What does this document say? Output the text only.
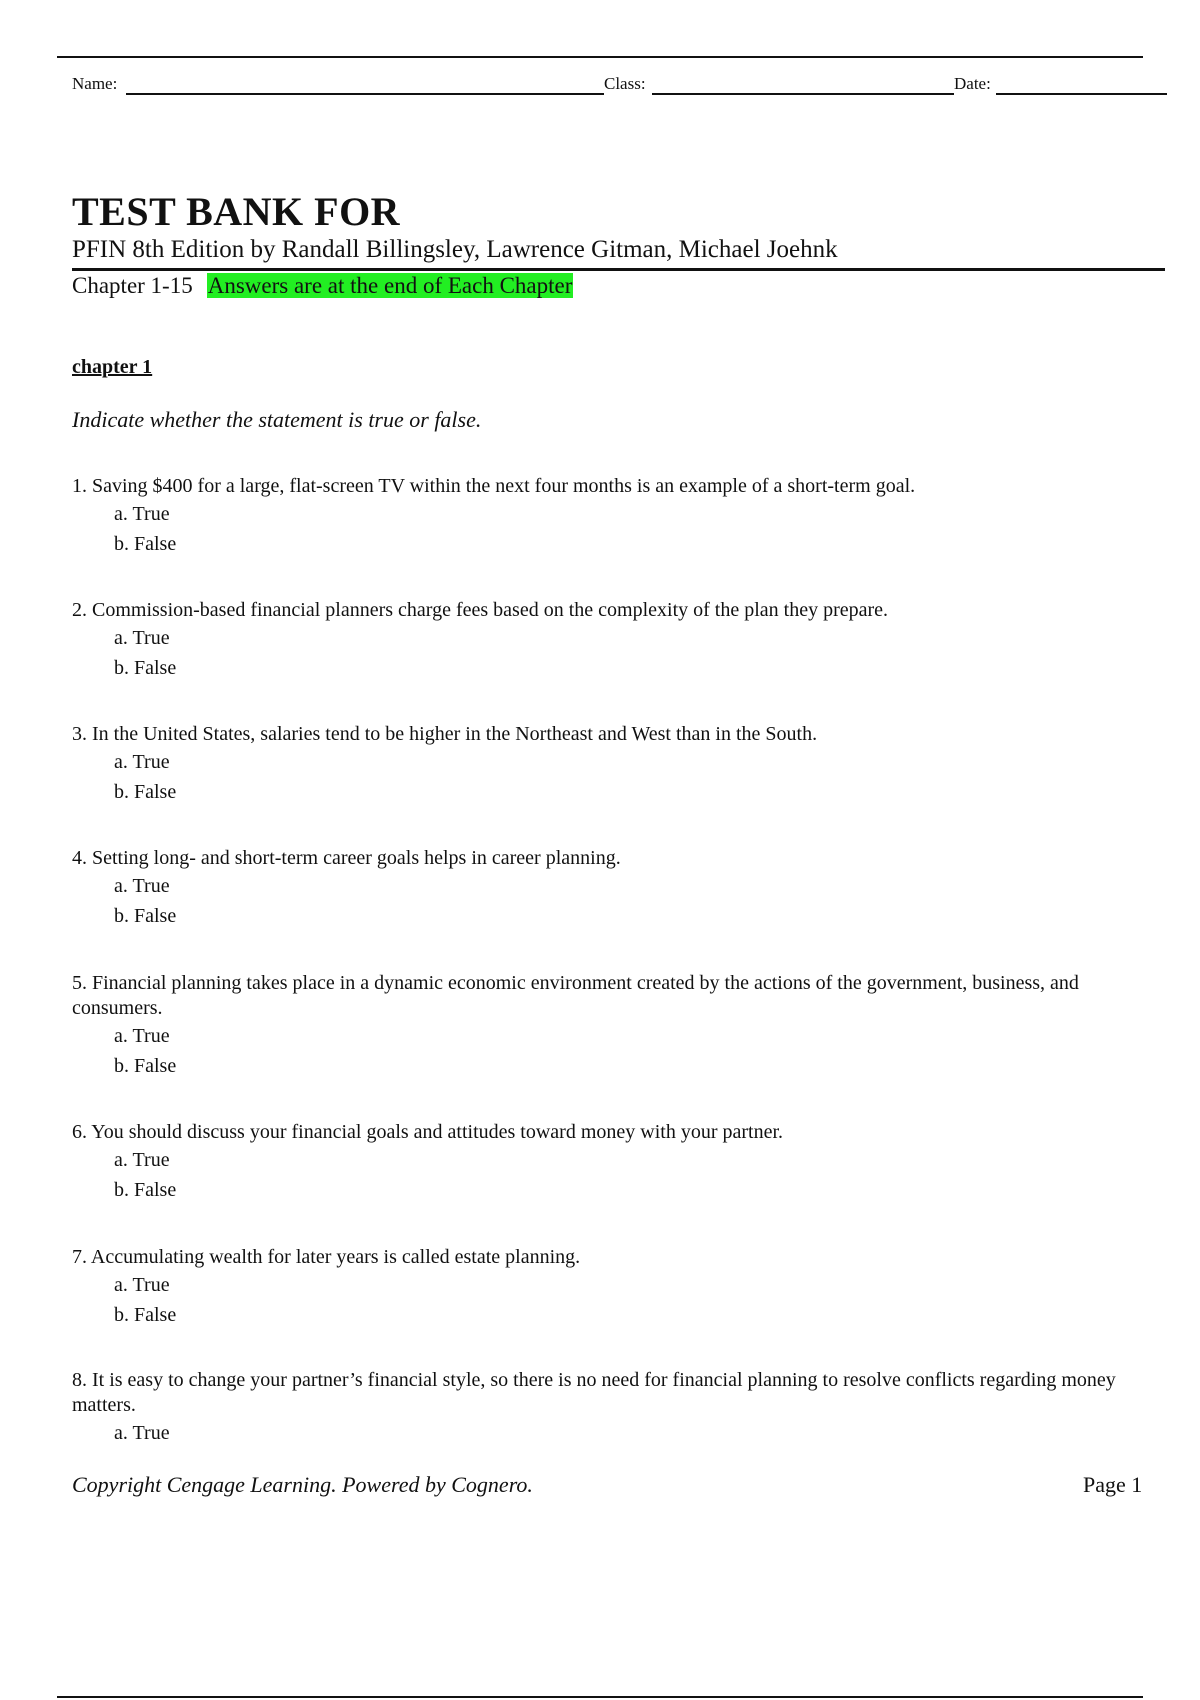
Name:	Class:	Date:
TEST BANK FOR
PFIN 8th Edition by Randall Billingsley, Lawrence Gitman, Michael Joehnk
Chapter 1-15 Answers are at the end of Each Chapter
chapter 1
Indicate whether the statement is true or false.
1. Saving $400 for a large, flat-screen TV within the next four months is an example of a short-term goal.
a. True
b. False
2. Commission-based financial planners charge fees based on the complexity of the plan they prepare.
a. True
b. False
3. In the United States, salaries tend to be higher in the Northeast and West than in the South.
a. True
b. False
4. Setting long- and short-term career goals helps in career planning.
a. True
b. False
5. Financial planning takes place in a dynamic economic environment created by the actions of the government, business, and consumers.
a. True
b. False
6. You should discuss your financial goals and attitudes toward money with your partner.
a. True
b. False
7. Accumulating wealth for later years is called estate planning.
a. True
b. False
8. It is easy to change your partner’s financial style, so there is no need for financial planning to resolve conflicts regarding money matters.
a. True
Copyright Cengage Learning. Powered by Cognero.	Page 1
